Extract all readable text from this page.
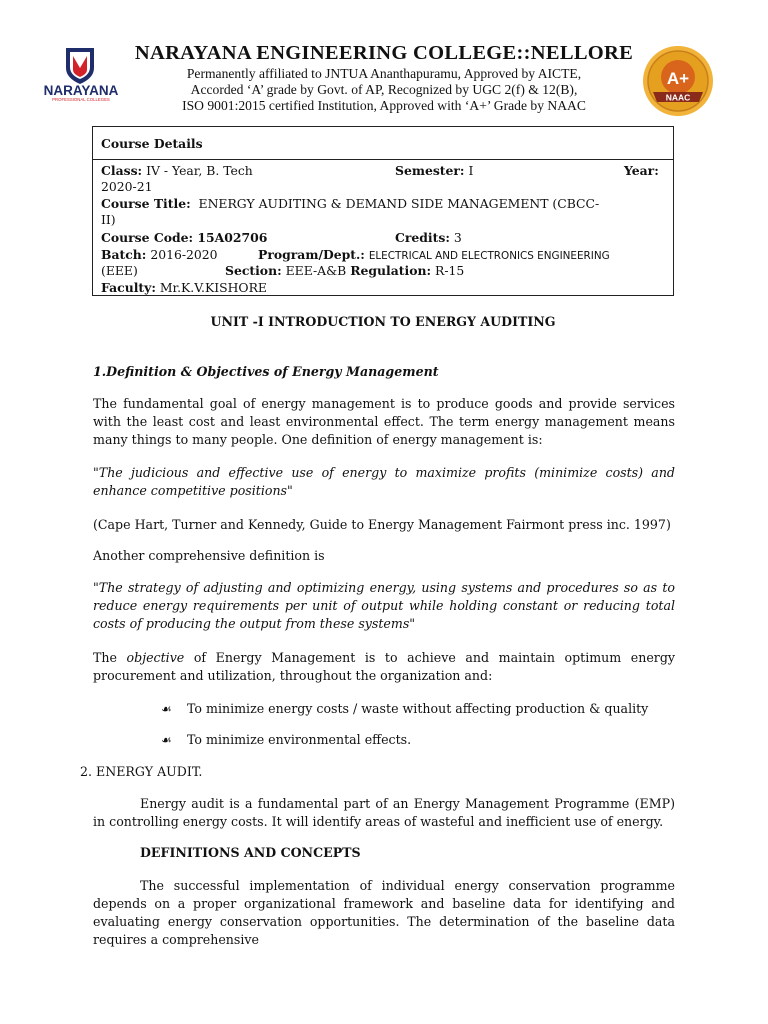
NARAYANA
PROFESSIONAL COLLEGES
NARAYANA ENGINEERING COLLEGE::NELLORE
Permanently affiliated to JNTUA Ananthapuramu, Approved by AICTE,
Accorded ‘A’ grade by Govt. of AP, Recognized by UGC 2(f) & 12(B),
ISO 9001:2015 certified Institution, Approved with ‘A+’ Grade by NAAC
A+
NAAC
Course Details
Class: IV - Year, B. Tech	Semester: I	Year:
2020-21
Course Title: ENERGY AUDITING & DEMAND SIDE MANAGEMENT (CBCC-
II)
Course Code: 15A02706	Credits: 3
Batch: 2016-2020	Program/Dept.: ELECTRICAL AND ELECTRONICS ENGINEERING
(EEE)	Section: EEE-A&B Regulation: R-15
Faculty: Mr.K.V.KISHORE
UNIT -I INTRODUCTION TO ENERGY AUDITING
1.Definition & Objectives of Energy Management
The fundamental goal of energy management is to produce goods and provide services with the least cost and least environmental effect. The term energy management means many things to many people. One definition of energy management is:
"The judicious and effective use of energy to maximize profits (minimize costs) and enhance competitive positions"
(Cape Hart, Turner and Kennedy, Guide to Energy Management Fairmont press inc. 1997)
Another comprehensive definition is
"The strategy of adjusting and optimizing energy, using systems and procedures so as to reduce energy requirements per unit of output while holding constant or reducing total costs of producing the output from these systems"
The objective of Energy Management is to achieve and maintain optimum energy procurement and utilization, throughout the organization and:
☙ To minimize energy costs / waste without affecting production & quality
☙ To minimize environmental effects.
2. ENERGY AUDIT.
Energy audit is a fundamental part of an Energy Management Programme (EMP) in controlling energy costs. It will identify areas of wasteful and inefficient use of energy.
DEFINITIONS AND CONCEPTS
The successful implementation of individual energy conservation programme depends on a proper organizational framework and baseline data for identifying and evaluating energy conservation opportunities. The determination of the baseline data requires a comprehensive
